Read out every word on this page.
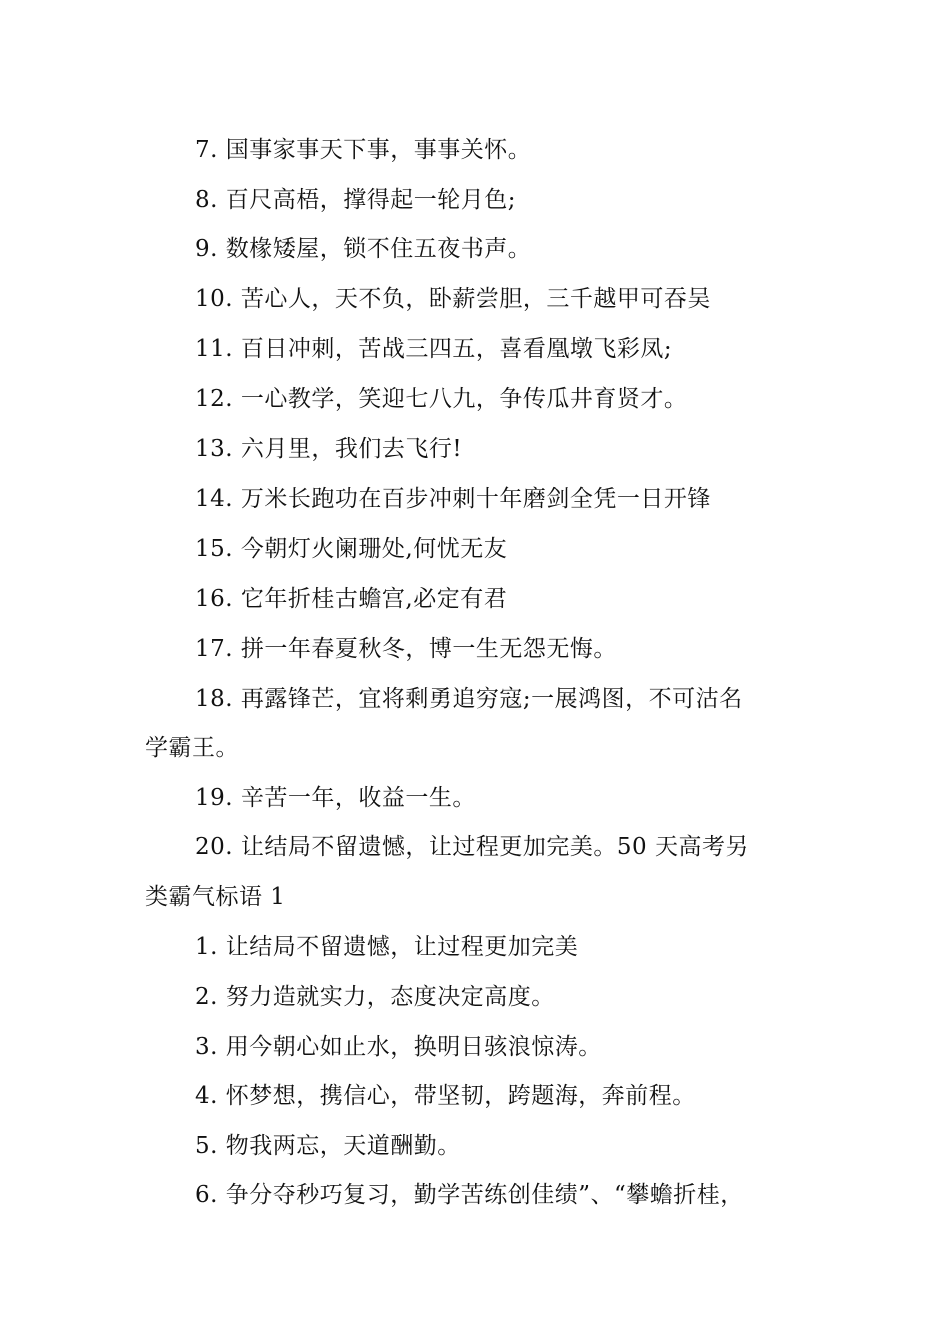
7. 国事家事天下事，事事关怀。
8. 百尺高梧，撑得起一轮月色;
9. 数椽矮屋，锁不住五夜书声。
10. 苦心人，天不负，卧薪尝胆，三千越甲可吞吴
11. 百日冲刺，苦战三四五，喜看凰墩飞彩凤;
12. 一心教学，笑迎七八九，争传瓜井育贤才。
13. 六月里，我们去飞行!
14. 万米长跑功在百步冲刺十年磨剑全凭一日开锋
15. 今朝灯火阑珊处,何忧无友
16. 它年折桂古蟾宫,必定有君
17. 拼一年春夏秋冬，博一生无怨无悔。
18. 再露锋芒，宜将剩勇追穷寇;一展鸿图，不可沽名
学霸王。
19. 辛苦一年，收益一生。
20. 让结局不留遗憾，让过程更加完美。50 天高考另
类霸气标语 1
1. 让结局不留遗憾，让过程更加完美
2. 努力造就实力，态度决定高度。
3. 用今朝心如止水，换明日骇浪惊涛。
4. 怀梦想，携信心，带坚韧，跨题海，奔前程。
5. 物我两忘，天道酬勤。
6. 争分夺秒巧复习，勤学苦练创佳绩”、“攀蟾折桂，
